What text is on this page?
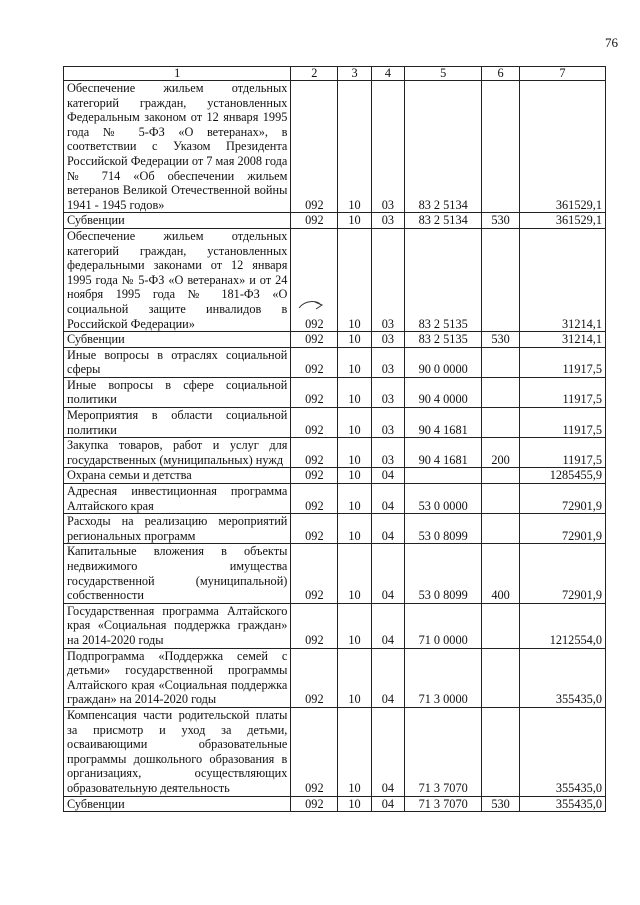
76
1	2	3	4	5	6	7

Обеспечение жильем отдельных категорий граждан, установленных Федеральным законом от 12 января 1995 года № 5-ФЗ «О ветеранах», в соответствии с Указом Президента Российской Федерации от 7 мая 2008 года № 714 «Об обеспечении жильем ветеранов Великой Отечественной войны 1941 - 1945 годов»	092	10	03	83 2 5134		361529,1

Субвенции	092	10	03	83 2 5134	530	361529,1

Обеспечение жильем отдельных категорий граждан, установленных федеральными законами от 12 января 1995 года № 5-ФЗ «О ветеранах» и от 24 ноября 1995 года № 181-ФЗ «О социальной защите инвалидов в Российской Федерации»	092	10	03	83 2 5135		31214,1

Субвенции	092	10	03	83 2 5135	530	31214,1

Иные вопросы в отраслях социальной сферы	092	10	03	90 0 0000		11917,5

Иные вопросы в сфере социальной политики	092	10	03	90 4 0000		11917,5

Мероприятия в области социальной политики	092	10	03	90 4 1681		11917,5

Закупка товаров, работ и услуг для государственных (муниципальных) нужд	092	10	03	90 4 1681	200	11917,5

Охрана семьи и детства	092	10	04			1285455,9

Адресная инвестиционная программа Алтайского края	092	10	04	53 0 0000		72901,9

Расходы на реализацию мероприятий региональных программ	092	10	04	53 0 8099		72901,9

Капитальные вложения в объекты недвижимого имущества государственной (муниципальной) собственности	092	10	04	53 0 8099	400	72901,9

Государственная программа Алтайского края «Социальная поддержка граждан» на 2014-2020 годы	092	10	04	71 0 0000		1212554,0

Подпрограмма «Поддержка семей с детьми» государственной программы Алтайского края «Социальная поддержка граждан» на 2014-2020 годы	092	10	04	71 3 0000		355435,0

Компенсация части родительской платы за присмотр и уход за детьми, осваивающими образовательные программы дошкольного образования в организациях, осуществляющих образовательную деятельность	092	10	04	71 3 7070		355435,0

Субвенции	092	10	04	71 3 7070	530	355435,0
